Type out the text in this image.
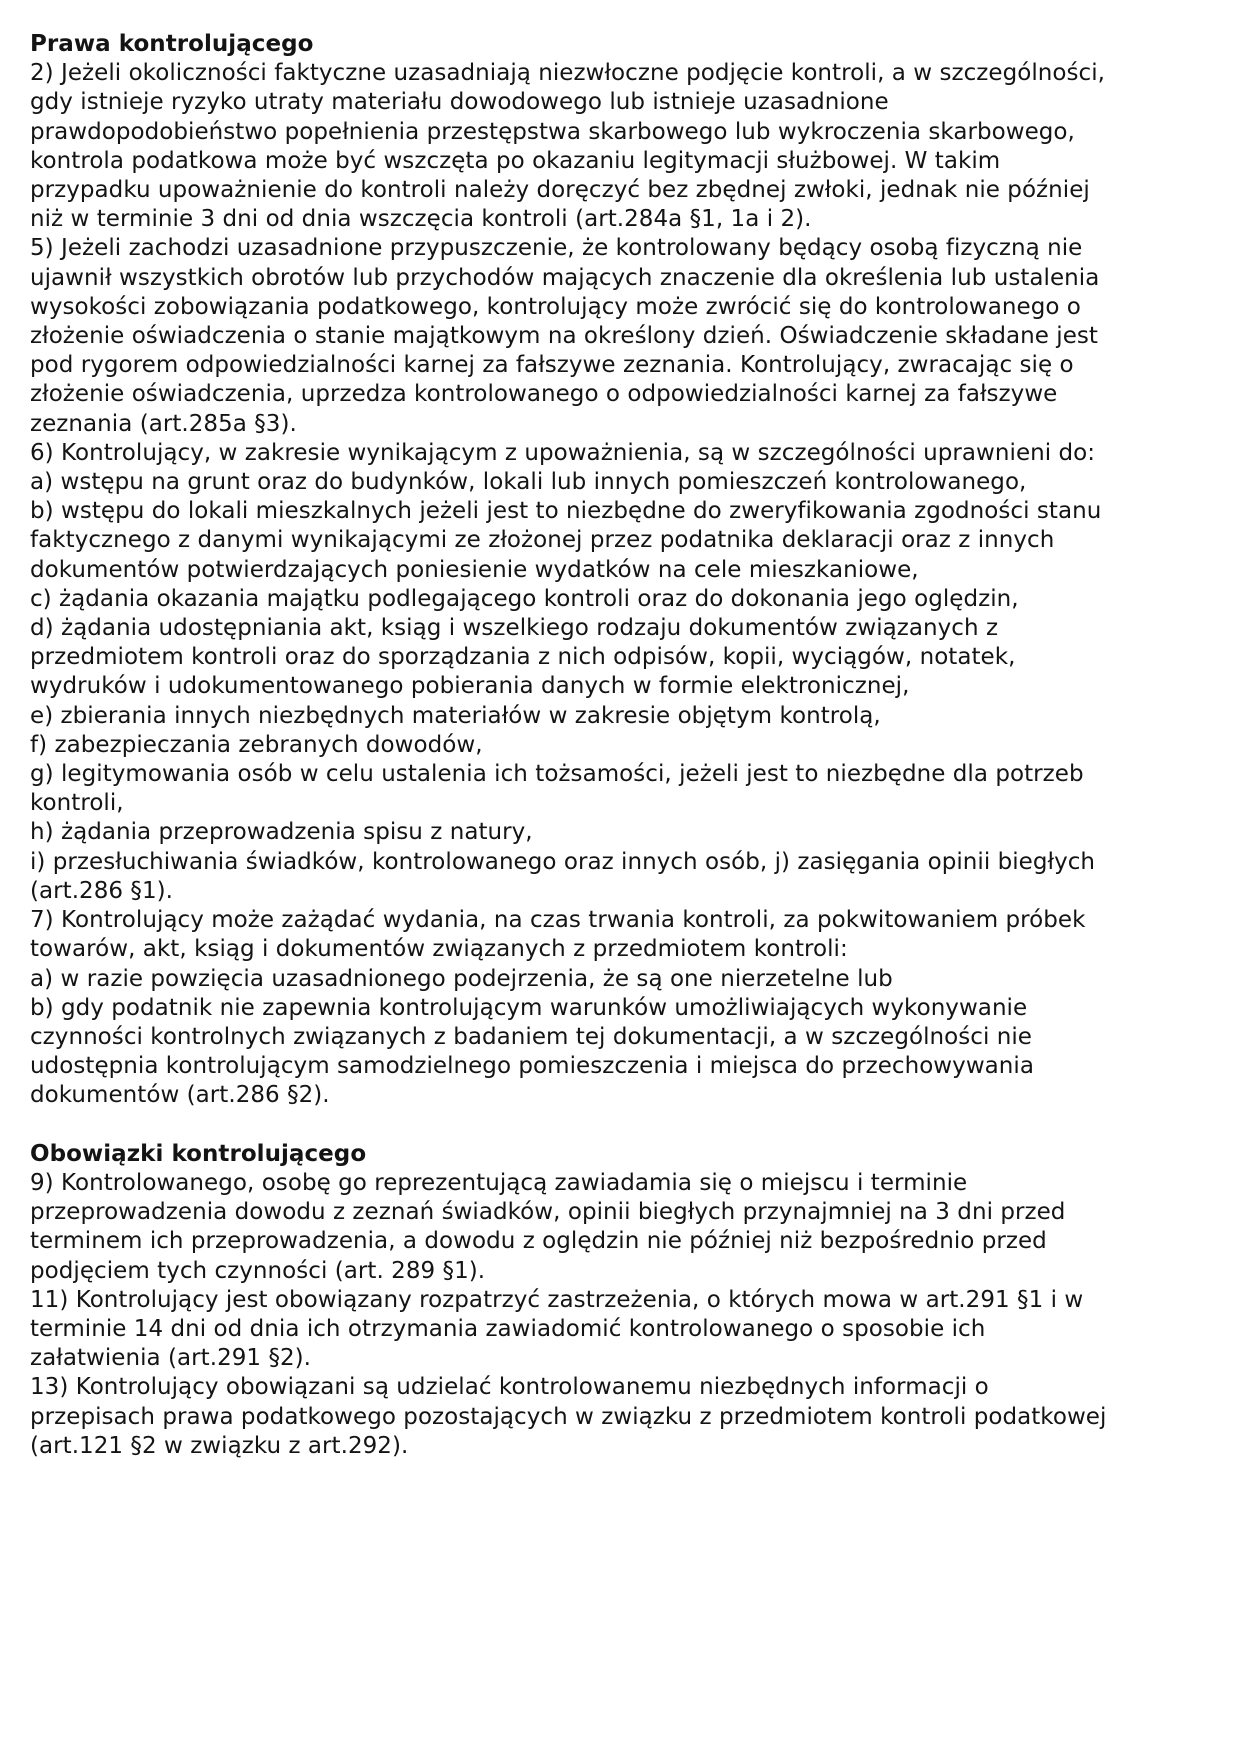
Prawa kontrolującego

2) Jeżeli okoliczności faktyczne uzasadniają niezwłoczne podjęcie kontroli, a w szczególności,

gdy istnieje ryzyko utraty materiału dowodowego lub istnieje uzasadnione

prawdopodobieństwo popełnienia przestępstwa skarbowego lub wykroczenia skarbowego,

kontrola podatkowa może być wszczęta po okazaniu legitymacji służbowej. W takim

przypadku upoważnienie do kontroli należy doręczyć bez zbędnej zwłoki, jednak nie później

niż w terminie 3 dni od dnia wszczęcia kontroli (art.284a §1, 1a i 2).

5) Jeżeli zachodzi uzasadnione przypuszczenie, że kontrolowany będący osobą fizyczną nie

ujawnił wszystkich obrotów lub przychodów mających znaczenie dla określenia lub ustalenia

wysokości zobowiązania podatkowego, kontrolujący może zwrócić się do kontrolowanego o

złożenie oświadczenia o stanie majątkowym na określony dzień. Oświadczenie składane jest

pod rygorem odpowiedzialności karnej za fałszywe zeznania. Kontrolujący, zwracając się o

złożenie oświadczenia, uprzedza kontrolowanego o odpowiedzialności karnej za fałszywe

zeznania (art.285a §3).

6) Kontrolujący, w zakresie wynikającym z upoważnienia, są w szczególności uprawnieni do:

a) wstępu na grunt oraz do budynków, lokali lub innych pomieszczeń kontrolowanego,

b) wstępu do lokali mieszkalnych jeżeli jest to niezbędne do zweryfikowania zgodności stanu

faktycznego z danymi wynikającymi ze złożonej przez podatnika deklaracji oraz z innych

dokumentów potwierdzających poniesienie wydatków na cele mieszkaniowe,

c) żądania okazania majątku podlegającego kontroli oraz do dokonania jego oględzin,

d) żądania udostępniania akt, ksiąg i wszelkiego rodzaju dokumentów związanych z

przedmiotem kontroli oraz do sporządzania z nich odpisów, kopii, wyciągów, notatek,

wydruków i udokumentowanego pobierania danych w formie elektronicznej,

e) zbierania innych niezbędnych materiałów w zakresie objętym kontrolą,

f) zabezpieczania zebranych dowodów,

g) legitymowania osób w celu ustalenia ich tożsamości, jeżeli jest to niezbędne dla potrzeb

kontroli,

h) żądania przeprowadzenia spisu z natury,

i) przesłuchiwania świadków, kontrolowanego oraz innych osób, j) zasięgania opinii biegłych

(art.286 §1).

7) Kontrolujący może zażądać wydania, na czas trwania kontroli, za pokwitowaniem próbek

towarów, akt, ksiąg i dokumentów związanych z przedmiotem kontroli:

a) w razie powzięcia uzasadnionego podejrzenia, że są one nierzetelne lub

b) gdy podatnik nie zapewnia kontrolującym warunków umożliwiających wykonywanie

czynności kontrolnych związanych z badaniem tej dokumentacji, a w szczególności nie

udostępnia kontrolującym samodzielnego pomieszczenia i miejsca do przechowywania

dokumentów (art.286 §2).

Obowiązki kontrolującego

9) Kontrolowanego, osobę go reprezentującą zawiadamia się o miejscu i terminie

przeprowadzenia dowodu z zeznań świadków, opinii biegłych przynajmniej na 3 dni przed

terminem ich przeprowadzenia, a dowodu z oględzin nie później niż bezpośrednio przed

podjęciem tych czynności (art. 289 §1).

11) Kontrolujący jest obowiązany rozpatrzyć zastrzeżenia, o których mowa w art.291 §1 i w

terminie 14 dni od dnia ich otrzymania zawiadomić kontrolowanego o sposobie ich

załatwienia (art.291 §2).

13) Kontrolujący obowiązani są udzielać kontrolowanemu niezbędnych informacji o

przepisach prawa podatkowego pozostających w związku z przedmiotem kontroli podatkowej

(art.121 §2 w związku z art.292).
